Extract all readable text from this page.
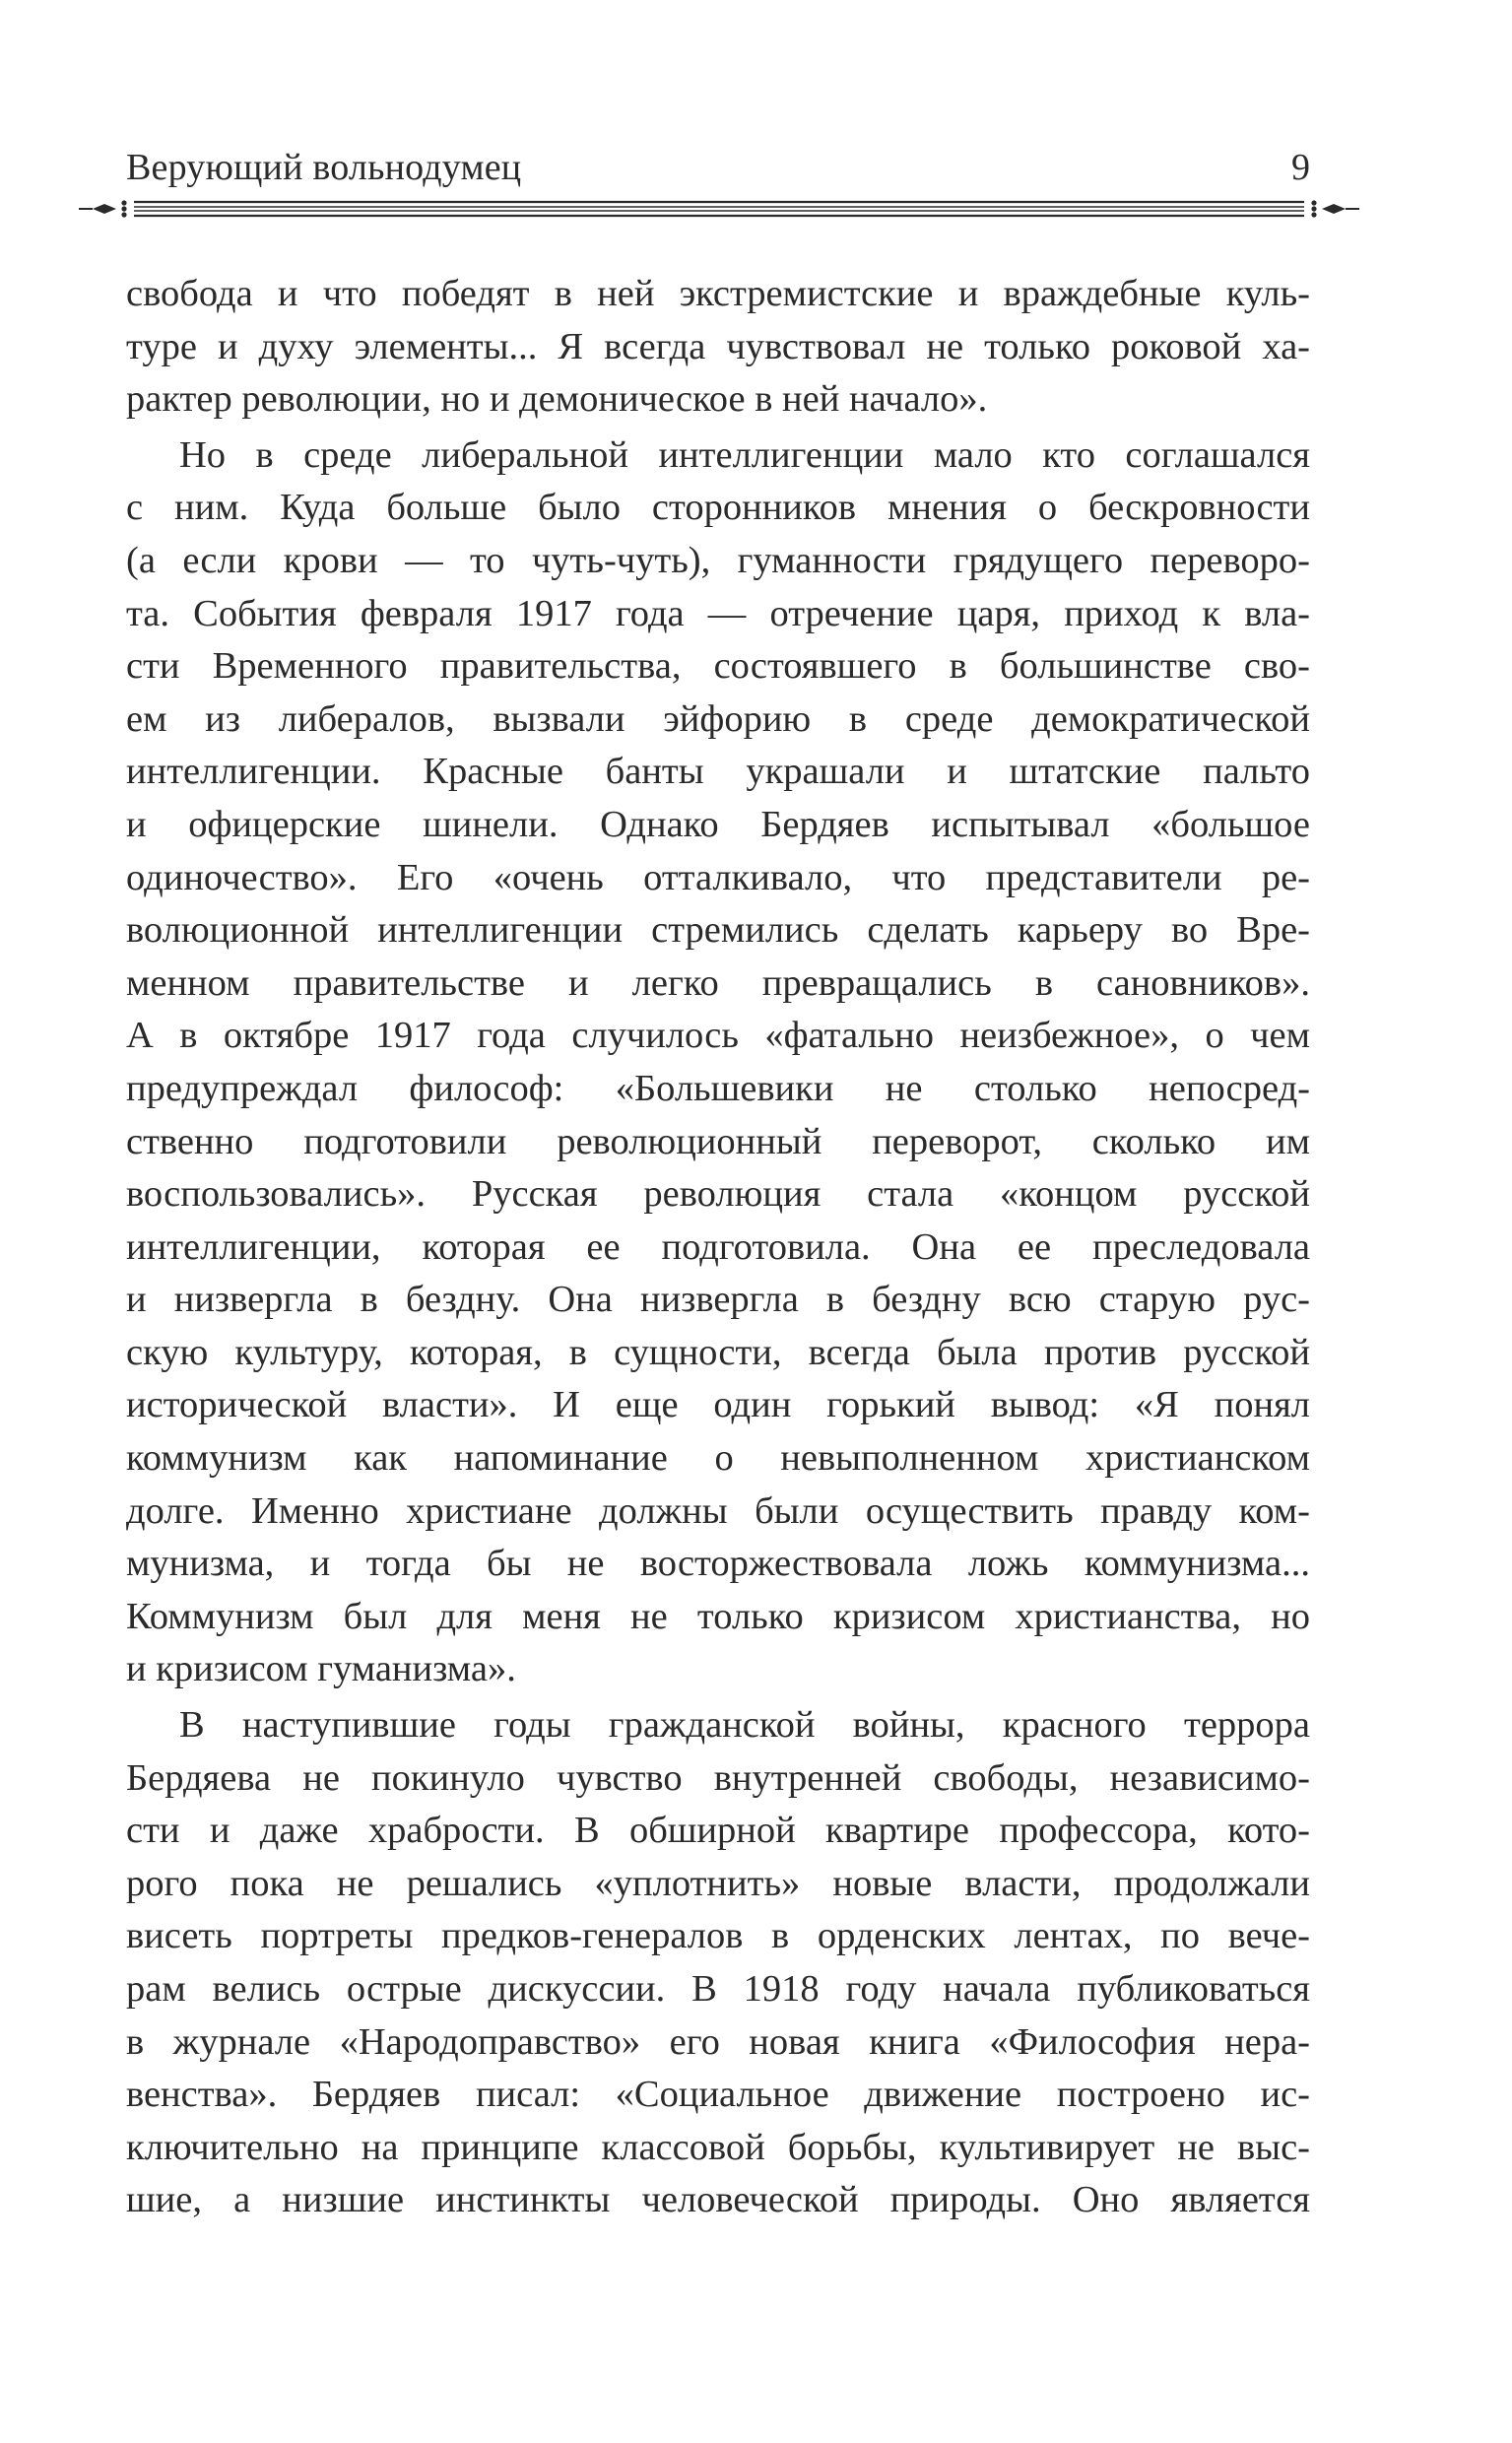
Верующий вольнодумец	9
свобода и что победят в ней экстремистские и враждебные куль-
туре и духу элементы... Я всегда чувствовал не только роковой ха-
рактер революции, но и демоническое в ней начало».
Но в среде либеральной интеллигенции мало кто соглашался
с ним. Куда больше было сторонников мнения о бескровности
(а если крови — то чуть-чуть), гуманности грядущего переворо-
та. События февраля 1917 года — отречение царя, приход к вла-
сти Временного правительства, состоявшего в большинстве сво-
ем из либералов, вызвали эйфорию в среде демократической
интеллигенции. Красные банты украшали и штатские пальто
и офицерские шинели. Однако Бердяев испытывал «большое
одиночество». Его «очень отталкивало, что представители ре-
волюционной интеллигенции стремились сделать карьеру во Вре-
менном правительстве и легко превращались в сановников».
А в октябре 1917 года случилось «фатально неизбежное», о чем
предупреждал философ: «Большевики не столько непосред-
ственно подготовили революционный переворот, сколько им
воспользовались». Русская революция стала «концом русской
интеллигенции, которая ее подготовила. Она ее преследовала
и низвергла в бездну. Она низвергла в бездну всю старую рус-
скую культуру, которая, в сущности, всегда была против русской
исторической власти». И еще один горький вывод: «Я понял
коммунизм как напоминание о невыполненном христианском
долге. Именно христиане должны были осуществить правду ком-
мунизма, и тогда бы не восторжествовала ложь коммунизма...
Коммунизм был для меня не только кризисом христианства, но
и кризисом гуманизма».
В наступившие годы гражданской войны, красного террора
Бердяева не покинуло чувство внутренней свободы, независимо-
сти и даже храбрости. В обширной квартире профессора, кото-
рого пока не решались «уплотнить» новые власти, продолжали
висеть портреты предков-генералов в орденских лентах, по вече-
рам велись острые дискуссии. В 1918 году начала публиковаться
в журнале «Народоправство» его новая книга «Философия нера-
венства». Бердяев писал: «Социальное движение построено ис-
ключительно на принципе классовой борьбы, культивирует не выс-
шие, а низшие инстинкты человеческой природы. Оно является
